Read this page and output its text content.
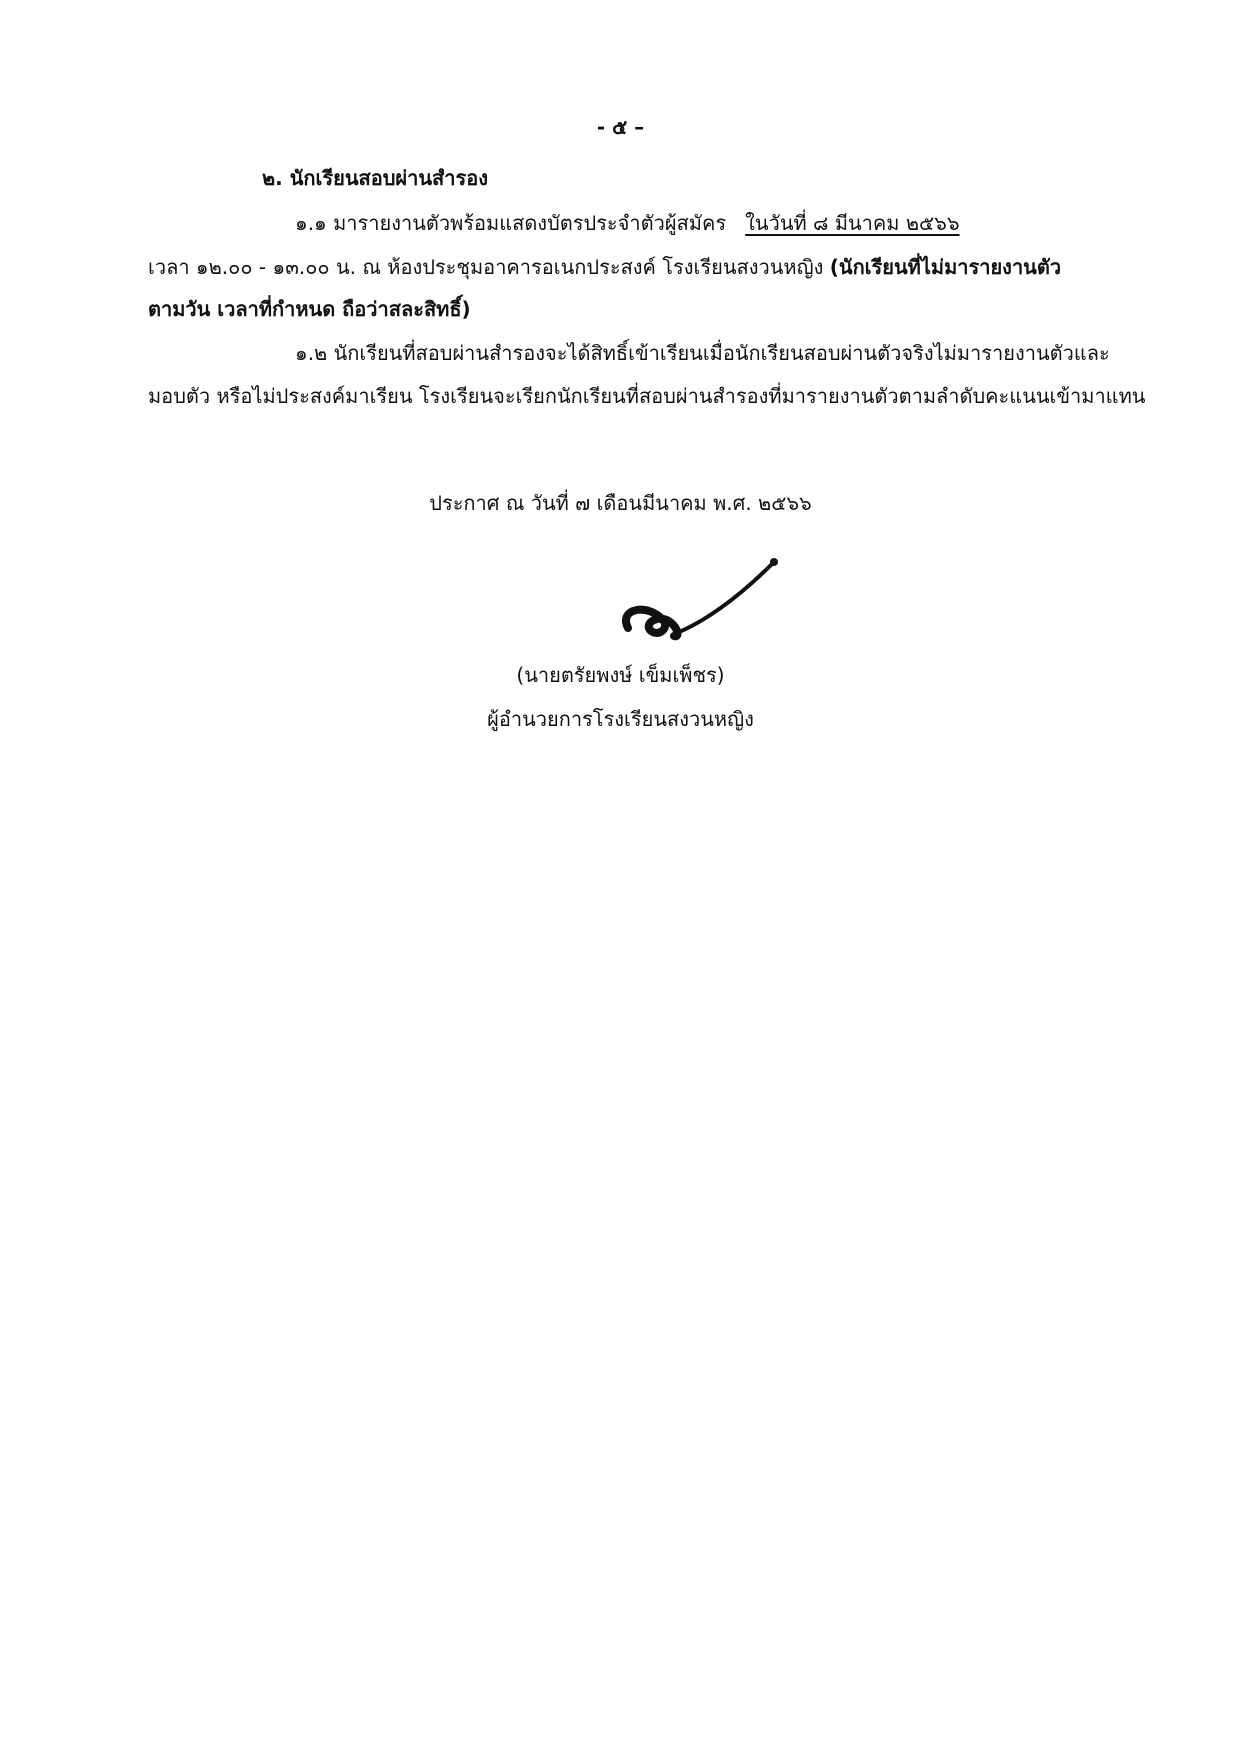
- ๕ –
๒. นักเรียนสอบผ่านสำรอง
๑.๑ มารายงานตัวพร้อมแสดงบัตรประจำตัวผู้สมัคร ในวันที่ ๘ มีนาคม ๒๕๖๖
เวลา ๑๒.๐๐ - ๑๓.๐๐ น. ณ ห้องประชุมอาคารอเนกประสงค์ โรงเรียนสงวนหญิง (นักเรียนที่ไม่มารายงานตัว
ตามวัน เวลาที่กำหนด ถือว่าสละสิทธิ์)
๑.๒ นักเรียนที่สอบผ่านสำรองจะได้สิทธิ์เข้าเรียนเมื่อนักเรียนสอบผ่านตัวจริงไม่มารายงานตัวและ
มอบตัว หรือไม่ประสงค์มาเรียน โรงเรียนจะเรียกนักเรียนที่สอบผ่านสำรองที่มารายงานตัวตามลำดับคะแนนเข้ามาแทน
ประกาศ ณ วันที่ ๗ เดือนมีนาคม พ.ศ. ๒๕๖๖
(นายตรัยพงษ์ เข็มเพ็ชร)
ผู้อำนวยการโรงเรียนสงวนหญิง
